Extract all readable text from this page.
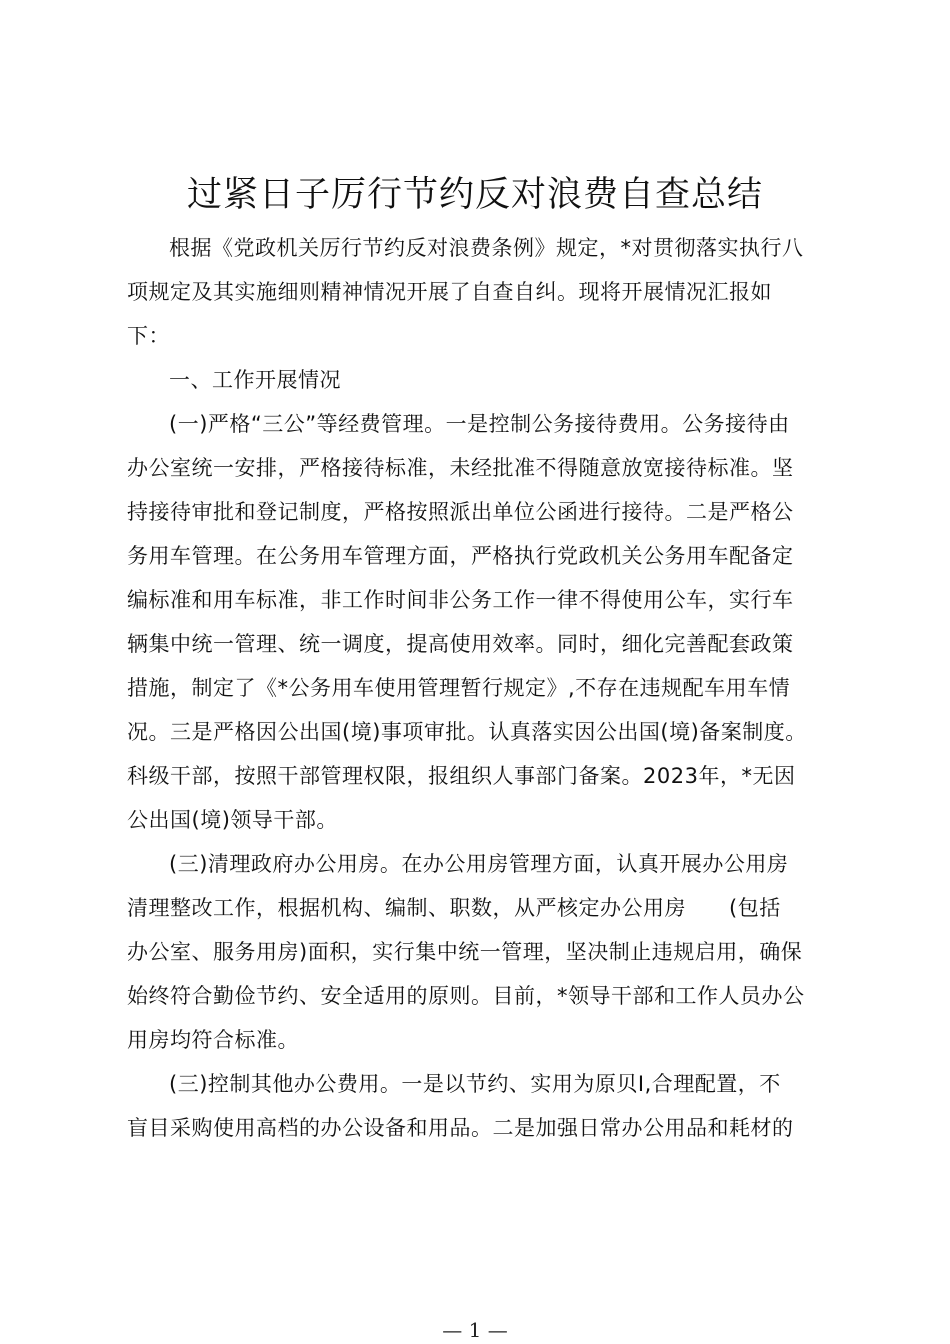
过紧日子厉行节约反对浪费自查总结
根据《党政机关厉行节约反对浪费条例》规定，*对贯彻落实执行八
项规定及其实施细则精神情况开展了自查自纠。现将开展情况汇报如
下：
一、工作开展情况
(一)严格“三公”等经费管理。一是控制公务接待费用。公务接待由
办公室统一安排，严格接待标准，未经批准不得随意放宽接待标准。坚
持接待审批和登记制度，严格按照派出单位公函进行接待。二是严格公
务用车管理。在公务用车管理方面，严格执行党政机关公务用车配备定
编标准和用车标准，非工作时间非公务工作一律不得使用公车，实行车
辆集中统一管理、统一调度，提高使用效率。同时，细化完善配套政策
措施，制定了《*公务用车使用管理暂行规定》,不存在违规配车用车情
况。三是严格因公出国(境)事项审批。认真落实因公出国(境)备案制度。
科级干部，按照干部管理权限，报组织人事部门备案。2023年，*无因
公出国(境)领导干部。
(三)清理政府办公用房。在办公用房管理方面，认真开展办公用房
清理整改工作，根据机构、编制、职数，从严核定办公用房　　(包括
办公室、服务用房)面积，实行集中统一管理，坚决制止违规启用，确保
始终符合勤俭节约、安全适用的原则。目前，*领导干部和工作人员办公
用房均符合标准。
(三)控制其他办公费用。一是以节约、实用为原贝I,合理配置，不
盲目采购使用高档的办公设备和用品。二是加强日常办公用品和耗材的
— 1 —
